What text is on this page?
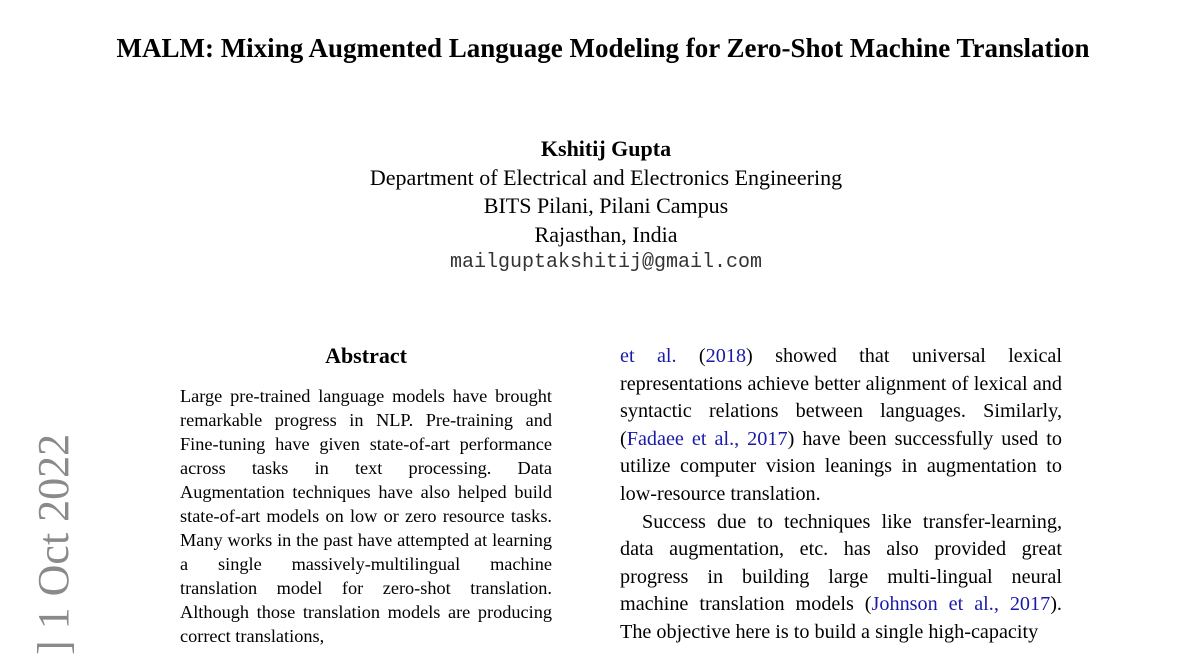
MALM: Mixing Augmented Language Modeling for Zero-Shot Machine Translation
Kshitij Gupta
Department of Electrical and Electronics Engineering
BITS Pilani, Pilani Campus
Rajasthan, India
mailguptakshitij@gmail.com
] 1 Oct 2022
Abstract

Large pre-trained language models have brought remarkable progress in NLP. Pre-training and Fine-tuning have given state-of-art performance across tasks in text processing. Data Augmentation techniques have also helped build state-of-art models on low or zero resource tasks. Many works in the past have attempted at learning a single massively-multilingual machine translation model for zero-shot translation. Although those translation models are producing correct translations,

et al. (2018) showed that universal lexical representations achieve better alignment of lexical and syntactic relations between languages. Similarly, (Fadaee et al., 2017) have been successfully used to utilize computer vision leanings in augmentation to low-resource translation.

Success due to techniques like transfer-learning, data augmentation, etc. has also provided great progress in building large multi-lingual neural machine translation models (Johnson et al., 2017). The objective here is to build a single high-capacity
